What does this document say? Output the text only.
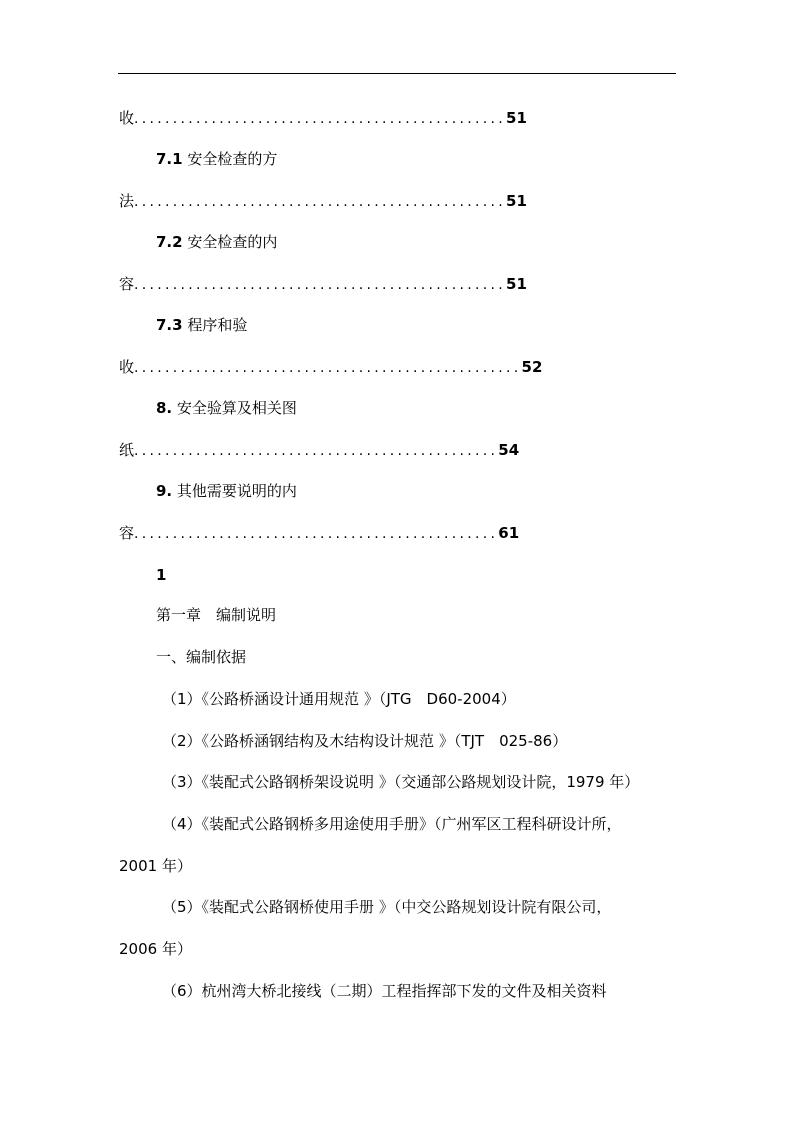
收................................................51
7.1 安全检查的方
法................................................51
7.2 安全检查的内
容................................................51
7.3 程序和验
收..................................................52
8. 安全验算及相关图
纸...............................................54
9. 其他需要说明的内
容...............................................61
1
第一章　编制说明
一、编制依据
（1）《公路桥涵设计通用规范 》（JTG　D60-2004）
（2）《公路桥涵钢结构及木结构设计规范 》（TJT　025-86）
（3）《装配式公路钢桥架设说明 》（交通部公路规划设计院，1979 年）
（4）《装配式公路钢桥多用途使用手册》（广州军区工程科研设计所，
2001 年）
（5）《装配式公路钢桥使用手册 》（中交公路规划设计院有限公司，
2006 年）
（6）杭州湾大桥北接线（二期）工程指挥部下发的文件及相关资料
